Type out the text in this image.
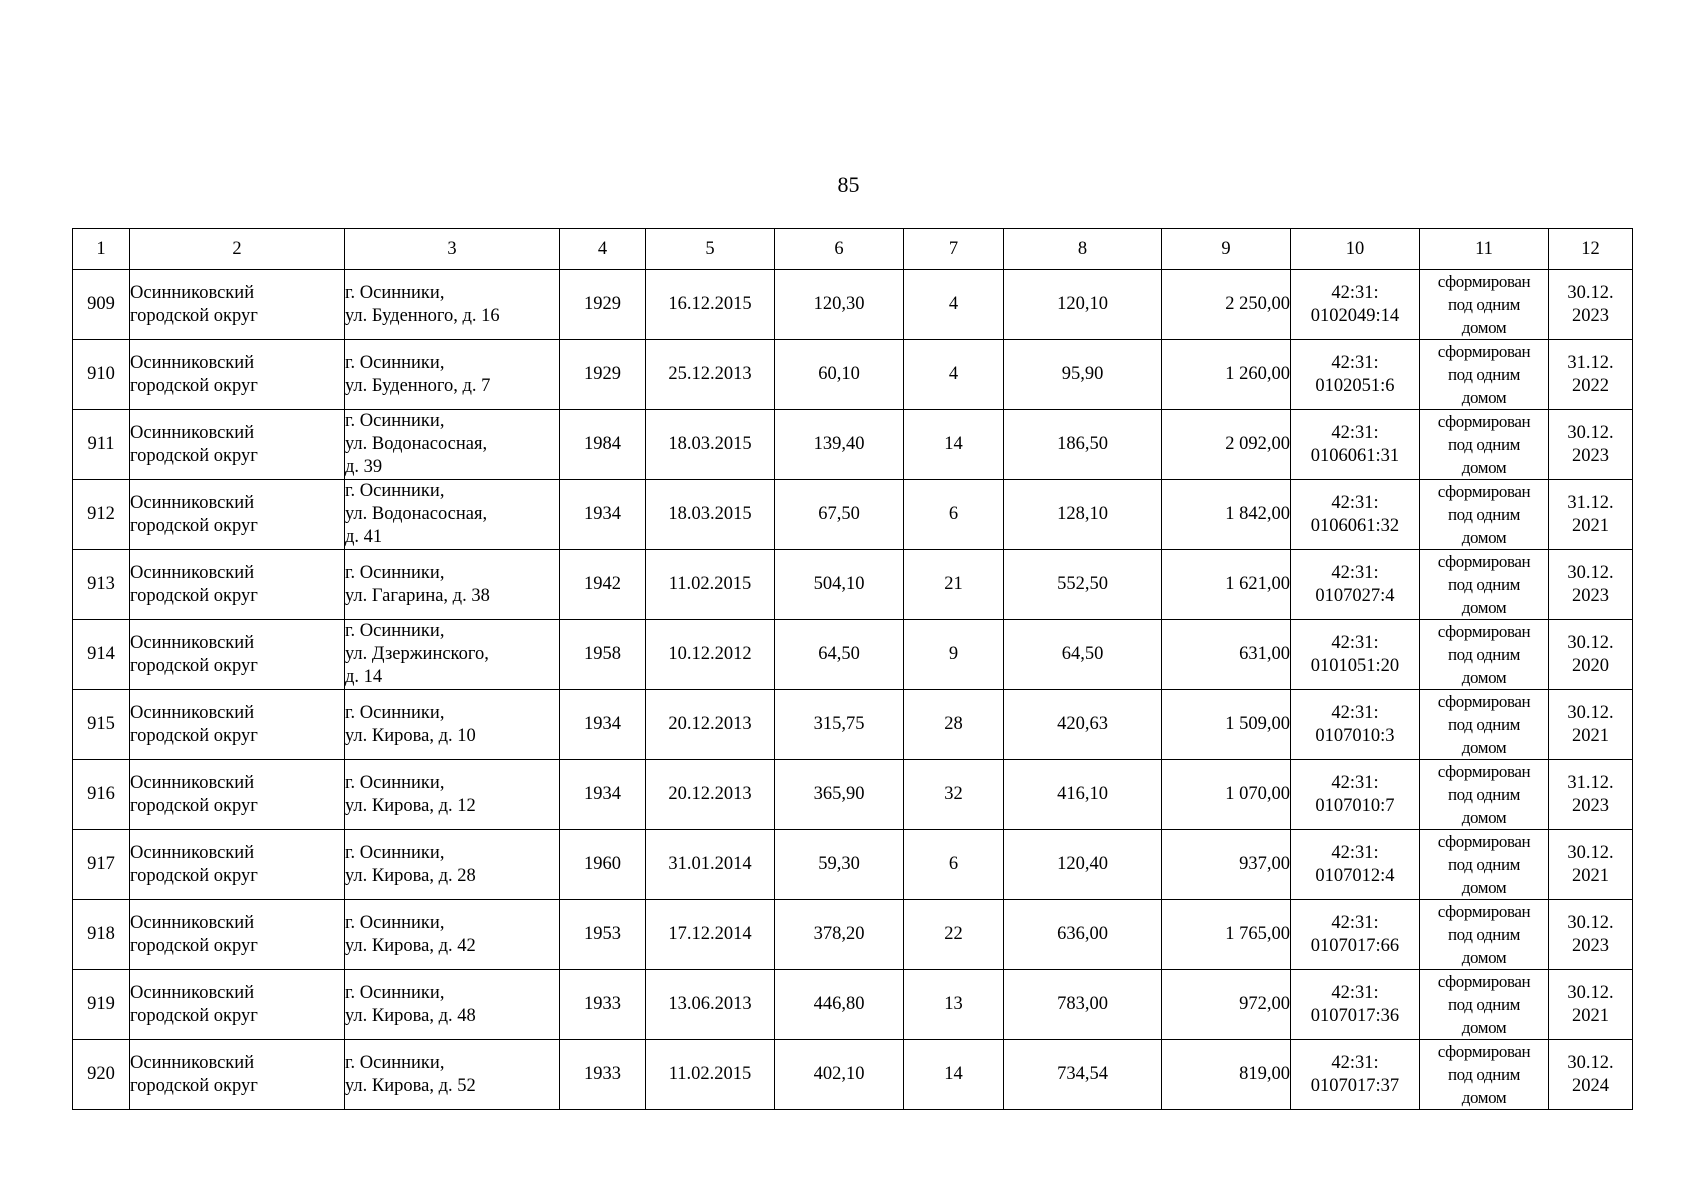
85
1	2	3	4	5	6	7	8	9	10	11	12
909	Осинниковский
городской округ	г. Осинники,
ул. Буденного, д. 16	1929	16.12.2015	120,30	4	120,10	2 250,00	42:31:
0102049:14	сформирован
под одним
домом	30.12.
2023

910	Осинниковский
городской округ	г. Осинники,
ул. Буденного, д. 7	1929	25.12.2013	60,10	4	95,90	1 260,00	42:31:
0102051:6	сформирован
под одним
домом	31.12.
2022

911	Осинниковский
городской округ	г. Осинники,
ул. Водонасосная,
д. 39	1984	18.03.2015	139,40	14	186,50	2 092,00	42:31:
0106061:31	сформирован
под одним
домом	30.12.
2023

912	Осинниковский
городской округ	г. Осинники,
ул. Водонасосная,
д. 41	1934	18.03.2015	67,50	6	128,10	1 842,00	42:31:
0106061:32	сформирован
под одним
домом	31.12.
2021

913	Осинниковский
городской округ	г. Осинники,
ул. Гагарина, д. 38	1942	11.02.2015	504,10	21	552,50	1 621,00	42:31:
0107027:4	сформирован
под одним
домом	30.12.
2023

914	Осинниковский
городской округ	г. Осинники,
ул. Дзержинского,
д. 14	1958	10.12.2012	64,50	9	64,50	631,00	42:31:
0101051:20	сформирован
под одним
домом	30.12.
2020

915	Осинниковский
городской округ	г. Осинники,
ул. Кирова, д. 10	1934	20.12.2013	315,75	28	420,63	1 509,00	42:31:
0107010:3	сформирован
под одним
домом	30.12.
2021

916	Осинниковский
городской округ	г. Осинники,
ул. Кирова, д. 12	1934	20.12.2013	365,90	32	416,10	1 070,00	42:31:
0107010:7	сформирован
под одним
домом	31.12.
2023

917	Осинниковский
городской округ	г. Осинники,
ул. Кирова, д. 28	1960	31.01.2014	59,30	6	120,40	937,00	42:31:
0107012:4	сформирован
под одним
домом	30.12.
2021

918	Осинниковский
городской округ	г. Осинники,
ул. Кирова, д. 42	1953	17.12.2014	378,20	22	636,00	1 765,00	42:31:
0107017:66	сформирован
под одним
домом	30.12.
2023

919	Осинниковский
городской округ	г. Осинники,
ул. Кирова, д. 48	1933	13.06.2013	446,80	13	783,00	972,00	42:31:
0107017:36	сформирован
под одним
домом	30.12.
2021

920	Осинниковский
городской округ	г. Осинники,
ул. Кирова, д. 52	1933	11.02.2015	402,10	14	734,54	819,00	42:31:
0107017:37	сформирован
под одним
домом	30.12.
2024
